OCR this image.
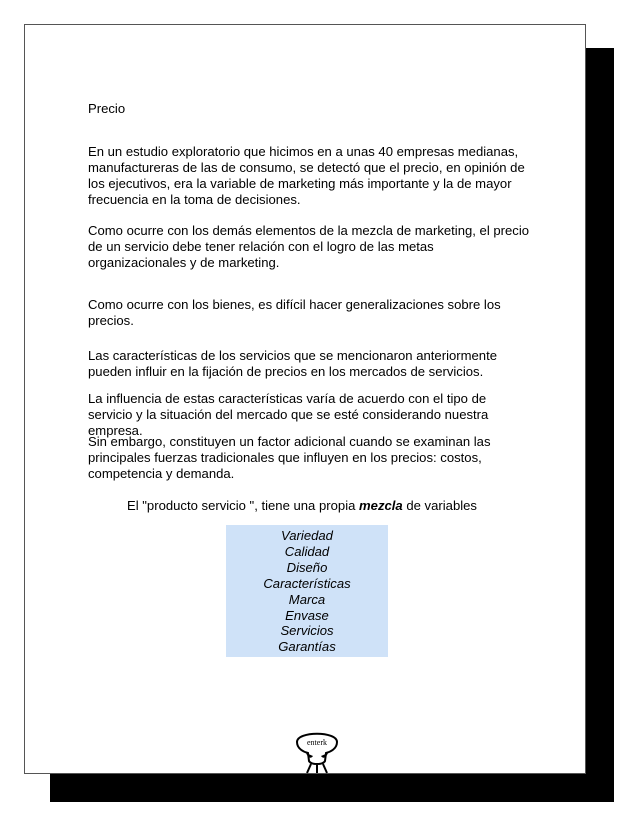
Precio

En un estudio exploratorio que hicimos en a unas 40 empresas medianas, manufactureras de las de consumo, se detectó que el precio, en opinión de los ejecutivos, era la variable de marketing más importante y la de mayor frecuencia en la toma de decisiones.

Como ocurre con los demás elementos de la mezcla de marketing, el precio de un servicio debe tener relación con el logro de las metas organizacionales y de marketing.

Como ocurre con los bienes, es difícil hacer generalizaciones sobre los precios.

Las características de los servicios que se mencionaron anteriormente pueden influir en la fijación de precios en los mercados de servicios.

La influencia de estas características varía de acuerdo con el tipo de servicio y la situación del mercado que se esté considerando nuestra empresa.

Sin embargo, constituyen un factor adicional cuando se examinan las principales fuerzas tradicionales que influyen en los precios: costos, competencia y demanda.

El "producto servicio ", tiene una propia mezcla de variables

Variedad
Calidad
Diseño
Características
Marca
Envase
Servicios
Garantías
enterk
